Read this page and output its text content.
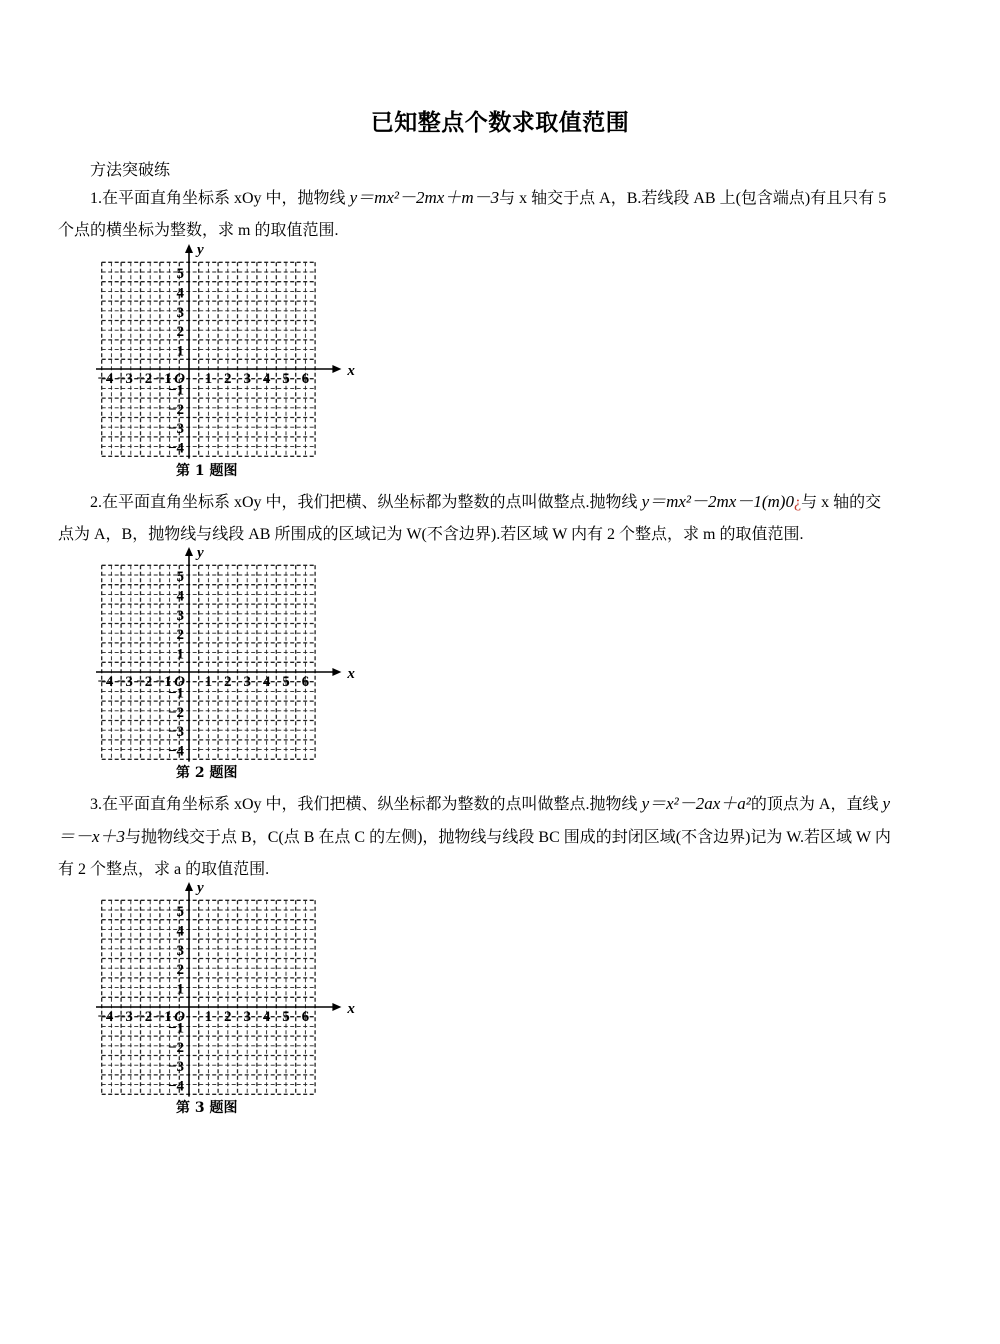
已知整点个数求取值范围
方法突破练
1.在平面直角坐标系 xOy 中，抛物线 y＝mx²－2mx＋m－3与 x 轴交于点 A，B.若线段 AB 上(包含端点)有且只有 5 个点的横坐标为整数，求 m 的取值范围.
−4 −3 −2 −1 1 2 3 4 5 6
5
4
3
2
1
−1
−2
−3
−4
O	x
y
第 1 题图
2.在平面直角坐标系 xOy 中，我们把横、纵坐标都为整数的点叫做整点.抛物线 y＝mx²－2mx－1(m)0¿与 x 轴的交点为 A，B，抛物线与线段 AB 所围成的区域记为 W(不含边界).若区域 W 内有 2 个整点，求 m 的取值范围.
−4 −3 −2 −1 1 2 3 4 5 6
5
4
3
2
1
−1
−2
−3
−4
O	x
y
第 2 题图
3.在平面直角坐标系 xOy 中，我们把横、纵坐标都为整数的点叫做整点.抛物线 y＝x²－2ax＋a²的顶点为 A，直线 y＝－x＋3与抛物线交于点 B，C(点 B 在点 C 的左侧)，抛物线与线段 BC 围成的封闭区域(不含边界)记为 W.若区域 W 内有 2 个整点，求 a 的取值范围.
−4 −3 −2 −1 1 2 3 4 5 6
5
4
3
2
1
−1
−2
−3
−4
O	x
y
第 3 题图
